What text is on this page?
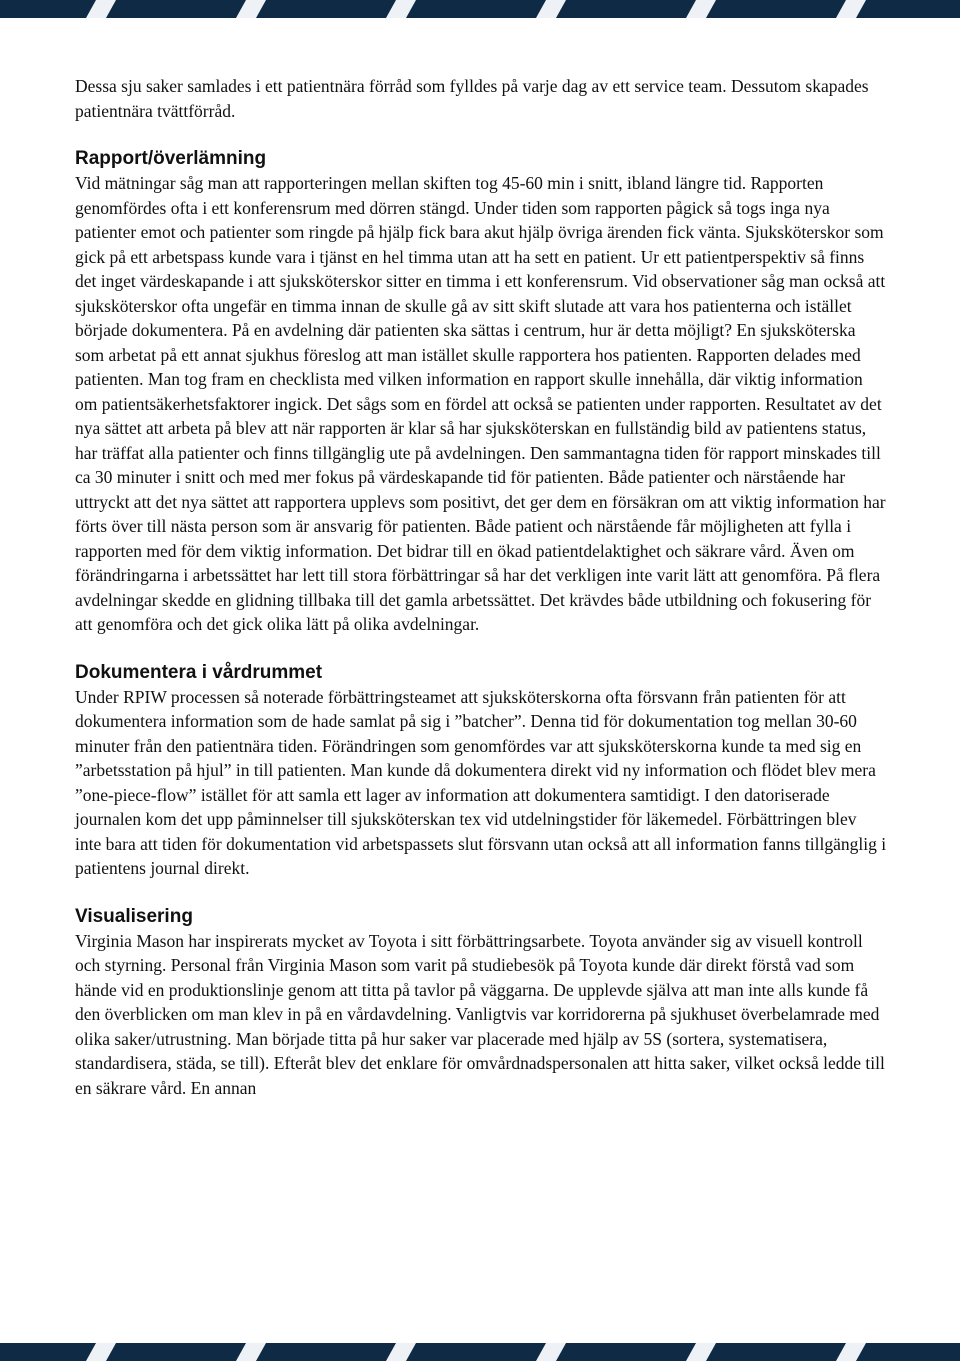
Dessa sju saker samlades i ett patientnära förråd som fylldes på varje dag av ett service team. Dessutom skapades patientnära tvättförråd.

Rapport/överlämning

Vid mätningar såg man att rapporteringen mellan skiften tog 45-60 min i snitt, ibland längre tid. Rapporten genomfördes ofta i ett konferensrum med dörren stängd. Under tiden som rapporten pågick så togs inga nya patienter emot och patienter som ringde på hjälp fick bara akut hjälp övriga ärenden fick vänta. Sjuksköterskor som gick på ett arbetspass kunde vara i tjänst en hel timma utan att ha sett en patient. Ur ett patientperspektiv så finns det inget värdeskapande i att sjuksköterskor sitter en timma i ett konferensrum. Vid observationer såg man också att sjuksköterskor ofta ungefär en timma innan de skulle gå av sitt skift slutade att vara hos patienterna och istället började dokumentera. På en avdelning där patienten ska sättas i centrum, hur är detta möjligt? En sjuksköterska som arbetat på ett annat sjukhus föreslog att man istället skulle rapportera hos patienten. Rapporten delades med patienten. Man tog fram en checklista med vilken information en rapport skulle innehålla, där viktig information om patientsäkerhetsfaktorer ingick. Det sågs som en fördel att också se patienten under rapporten. Resultatet av det nya sättet att arbeta på blev att när rapporten är klar så har sjuksköterskan en fullständig bild av patientens status, har träffat alla patienter och finns tillgänglig ute på avdelningen. Den sammantagna tiden för rapport minskades till ca 30 minuter i snitt och med mer fokus på värdeskapande tid för patienten. Både patienter och närstående har uttryckt att det nya sättet att rapportera upplevs som positivt, det ger dem en försäkran om att viktig information har förts över till nästa person som är ansvarig för patienten. Både patient och närstående får möjligheten att fylla i rapporten med för dem viktig information. Det bidrar till en ökad patientdelaktighet och säkrare vård. Även om förändringarna i arbetssättet har lett till stora förbättringar så har det verkligen inte varit lätt att genomföra. På flera avdelningar skedde en glidning tillbaka till det gamla arbetssättet. Det krävdes både utbildning och fokusering för att genomföra och det gick olika lätt på olika avdelningar.

Dokumentera i vårdrummet

Under RPIW processen så noterade förbättringsteamet att sjuksköterskorna ofta försvann från patienten för att dokumentera information som de hade samlat på sig i ”batcher”. Denna tid för dokumentation tog mellan 30-60 minuter från den patientnära tiden. Förändringen som genomfördes var att sjuksköterskorna kunde ta med sig en ”arbetsstation på hjul” in till patienten. Man kunde då dokumentera direkt vid ny information och flödet blev mera ”one-piece-flow” istället för att samla ett lager av information att dokumentera samtidigt. I den datoriserade journalen kom det upp påminnelser till sjuksköterskan tex vid utdelningstider för läkemedel. Förbättringen blev inte bara att tiden för dokumentation vid arbetspassets slut försvann utan också att all information fanns tillgänglig i patientens journal direkt.

Visualisering

Virginia Mason har inspirerats mycket av Toyota i sitt förbättringsarbete. Toyota använder sig av visuell kontroll och styrning. Personal från Virginia Mason som varit på studiebesök på Toyota kunde där direkt förstå vad som hände vid en produktionslinje genom att titta på tavlor på väggarna. De upplevde själva att man inte alls kunde få den överblicken om man klev in på en vårdavdelning. Vanligtvis var korridorerna på sjukhuset överbelamrade med olika saker/utrustning. Man började titta på hur saker var placerade med hjälp av 5S (sortera, systematisera, standardisera, städa, se till). Efteråt blev det enklare för omvårdnadspersonalen att hitta saker, vilket också ledde till en säkrare vård. En annan
